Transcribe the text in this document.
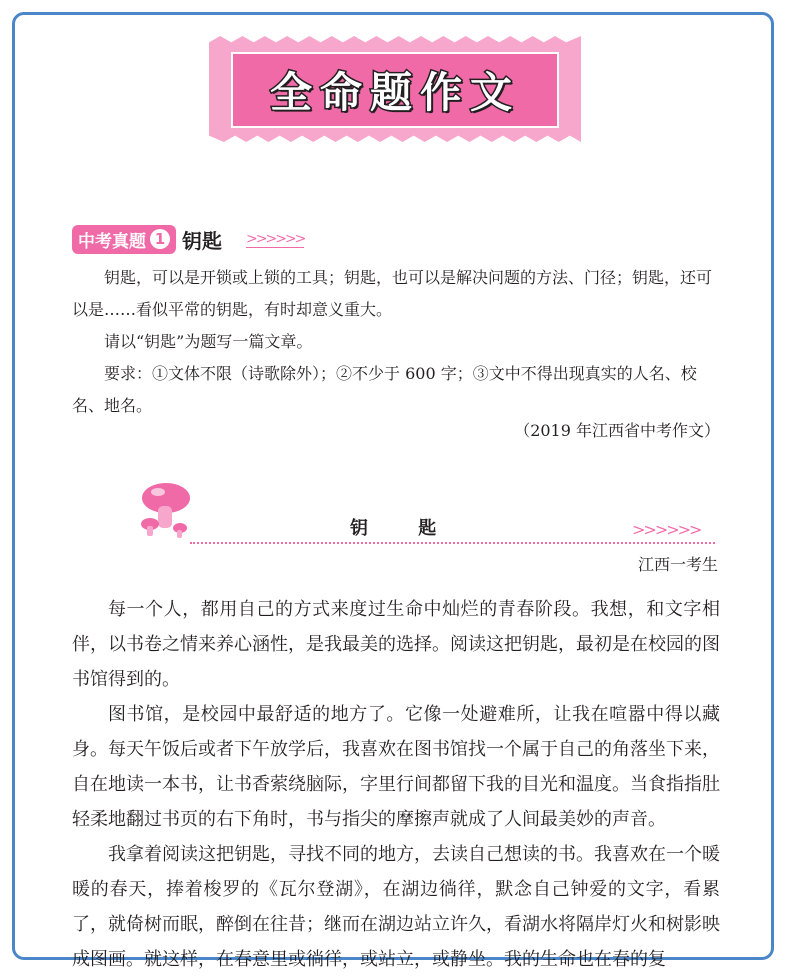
全命题作文
中考真题 1 钥匙 >>>>>>

钥匙，可以是开锁或上锁的工具；钥匙，也可以是解决问题的方法、门径；钥匙，还可以是……看似平常的钥匙，有时却意义重大。

请以“钥匙”为题写一篇文章。

要求：①文体不限（诗歌除外）；②不少于 600 字；③文中不得出现真实的人名、校名、地名。

（2019 年江西省中考作文）
钥 匙	>>>>>>
江西一考生

每一个人，都用自己的方式来度过生命中灿烂的青春阶段。我想，和文字相伴，以书卷之情来养心涵性，是我最美的选择。阅读这把钥匙，最初是在校园的图书馆得到的。

图书馆，是校园中最舒适的地方了。它像一处避难所，让我在喧嚣中得以藏身。每天午饭后或者下午放学后，我喜欢在图书馆找一个属于自己的角落坐下来，自在地读一本书，让书香萦绕脑际，字里行间都留下我的目光和温度。当食指指肚轻柔地翻过书页的右下角时，书与指尖的摩擦声就成了人间最美妙的声音。

我拿着阅读这把钥匙，寻找不同的地方，去读自己想读的书。我喜欢在一个暖暖的春天，捧着梭罗的《瓦尔登湖》，在湖边徜徉，默念自己钟爱的文字，看累了，就倚树而眠，醉倒在往昔；继而在湖边站立许久，看湖水将隔岸灯火和树影映成图画。就这样，在春意里或徜徉，或站立，或静坐。我的生命也在春的复
